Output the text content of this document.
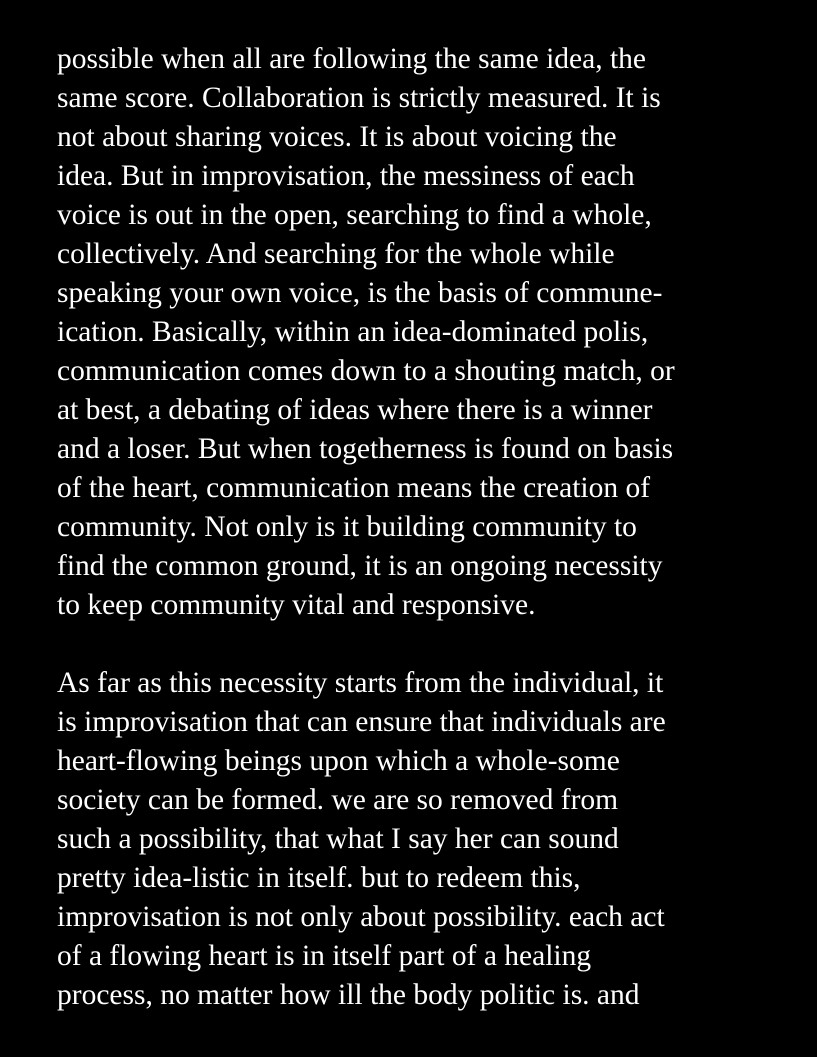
possible when all are following the same idea, the
same score. Collaboration is strictly measured. It is
not about sharing voices. It is about voicing the
idea. But in improvisation, the messiness of each
voice is out in the open, searching to find a whole,
collectively. And searching for the whole while
speaking your own voice, is the basis of commune-
ication. Basically, within an idea-dominated polis,
communication comes down to a shouting match, or
at best, a debating of ideas where there is a winner
and a loser. But when togetherness is found on basis
of the heart, communication means the creation of
community. Not only is it building community to
find the common ground, it is an ongoing necessity
to keep community vital and responsive.
As far as this necessity starts from the individual, it
is improvisation that can ensure that individuals are
heart-flowing beings upon which a whole-some
society can be formed. we are so removed from
such a possibility, that what I say her can sound
pretty idea-listic in itself. but to redeem this,
improvisation is not only about possibility. each act
of a flowing heart is in itself part of a healing
process, no matter how ill the body politic is. and
